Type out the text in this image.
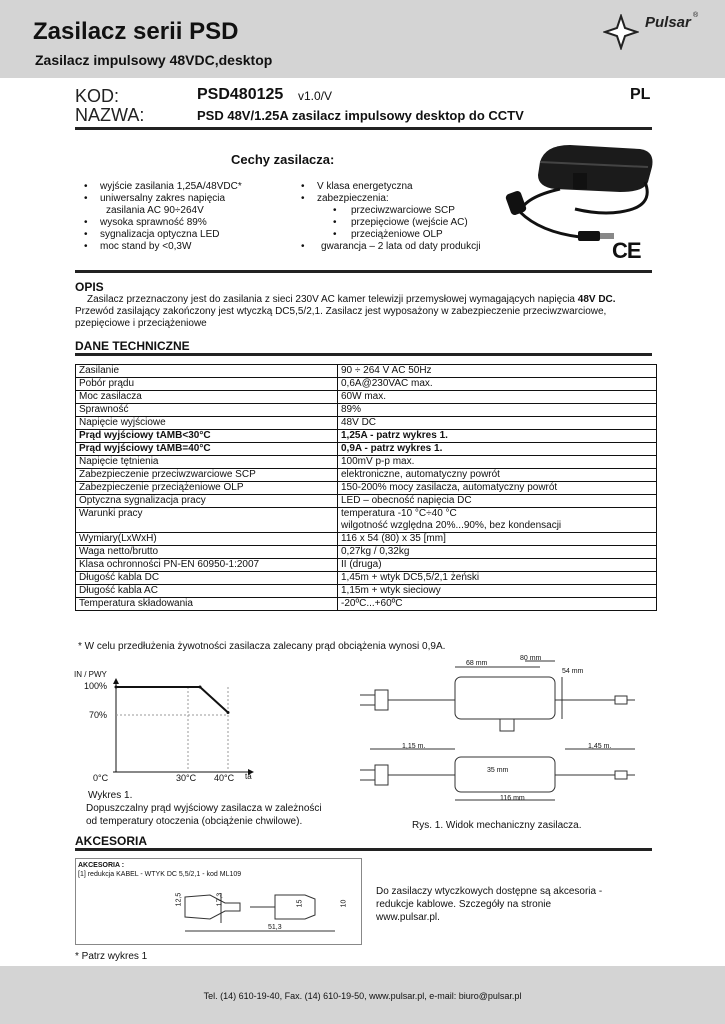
Zasilacz serii PSD
Zasilacz impulsowy 48VDC,desktop
Pulsar ®
KOD:
NAZWA:
PSD480125 v1.0/V	PL
PSD 48V/1.25A zasilacz impulsowy desktop do CCTV
Cechy zasilacza:
• wyjście zasilania 1,25A/48VDC*
• uniwersalny zakres napięcia
zasilania AC 90÷264V
• wysoka sprawność 89%
• sygnalizacja optyczna LED
• moc stand by <0,3W
• V klasa energetyczna
• zabezpieczenia:
• przeciwzwarciowe SCP
• przepięciowe (wejście AC)
• przeciążeniowe OLP
• gwarancja – 2 lata od daty produkcji	CE
OPIS
Zasilacz przeznaczony jest do zasilania z sieci 230V AC kamer telewizji przemysłowej wymagających napięcia 48V DC.
Przewód zasilający zakończony jest wtyczką DC5,5/2,1. Zasilacz jest wyposażony w zabezpieczenie przeciwzwarciowe, pzepięciowe i przeciążeniowe
DANE TECHNICZNE
Zasilanie	90 ÷ 264 V AC 50Hz
Pobór prądu	0,6A@230VAC max.
Moc zasilacza	60W max.
Sprawność	89%
Napięcie wyjściowe	48V DC
Prąd wyjściowy tAMB<30°C	1,25A - patrz wykres 1.
Prąd wyjściowy tAMB=40°C	0,9A - patrz wykres 1.
Napięcie tętnienia	100mV p-p max.
Zabezpieczenie przeciwzwarciowe SCP	elektroniczne, automatyczny powrót
Zabezpieczenie przeciążeniowe OLP	150-200% mocy zasilacza, automatyczny powrót
Optyczna sygnalizacja pracy	LED – obecność napięcia DC
Warunki pracy	temperatura -10 °C÷40 °C
wilgotność względna 20%...90%, bez kondensacji

Wymiary(LxWxH)	116 x 54 (80) x 35 [mm]
Waga netto/brutto	0,27kg / 0,32kg
Klasa ochronności PN-EN 60950-1:2007	II (druga)
Długość kabla DC	1,45m + wtyk DC5,5/2,1 żeński
Długość kabla AC	1,15m + wtyk sieciowy
Temperatura składowania	-20ºC...+60ºC
* W celu przedłużenia żywotności zasilacza zalecany prąd obciążenia wynosi 0,9A.
IN / PWY
100%
70%
0°C	30°C 40°C ta
Wykres 1.
Dopuszczalny prąd wyjściowy zasilacza w zależności
od temperatury otoczenia (obciążenie chwilowe).
68 mm
80 mm
54 mm
1,15 m.	1,45 m.
35 mm
116 mm
Rys. 1. Widok mechaniczny zasilacza.
AKCESORIA
AKCESORIA :
[1] redukcja KABEL - WTYK DC 5,5/2,1 - kod ML109
12,5	17,3	15	10
51,3
Do zasilaczy wtyczkowych dostępne są akcesoria - redukcje kablowe. Szczegóły na stronie www.pulsar.pl.
* Patrz wykres 1
Tel. (14) 610-19-40, Fax. (14) 610-19-50, www.pulsar.pl, e-mail: biuro@pulsar.pl
